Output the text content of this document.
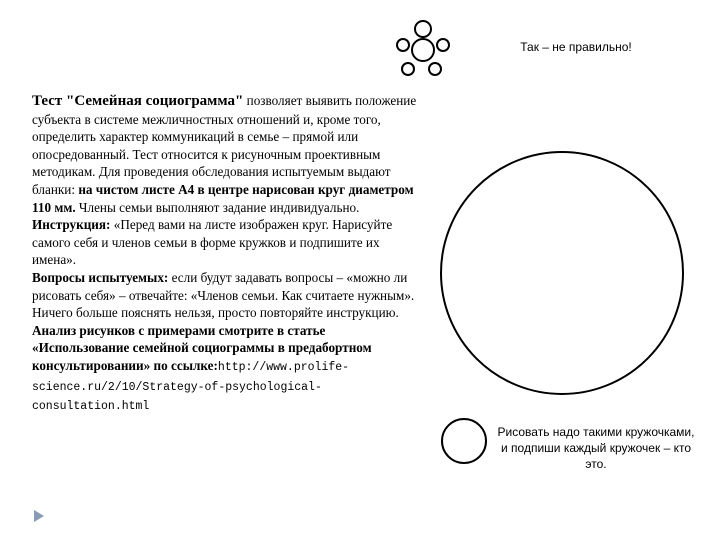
Так – не правильно!
Тест "Семейная социограмма" позволяет выявить положение субъекта в системе межличностных отношений и, кроме того, определить характер коммуникаций в семье – прямой или опосредованный. Тест относится к рисуночным проективным методикам. Для проведения обследования испытуемым выдают бланки: на чистом листе А4 в центре нарисован круг диаметром 110 мм. Члены семьи выполняют задание индивидуально.
Инструкция: «Перед вами на листе изображен круг. Нарисуйте самого себя и членов семьи в форме кружков и подпишите их имена».
Вопросы испытуемых: если будут задавать вопросы – «можно ли рисовать себя» – отвечайте: «Членов семьи. Как считаете нужным». Ничего больше пояснять нельзя, просто повторяйте инструкцию.
Анализ рисунков с примерами смотрите в статье «Использование семейной социограммы в предабортном консультировании» по ссылке:http://www.prolife-science.ru/2/10/Strategy-of-psychological-consultation.html
Рисовать надо такими кружочками, и подпиши каждый кружочек – кто это.
